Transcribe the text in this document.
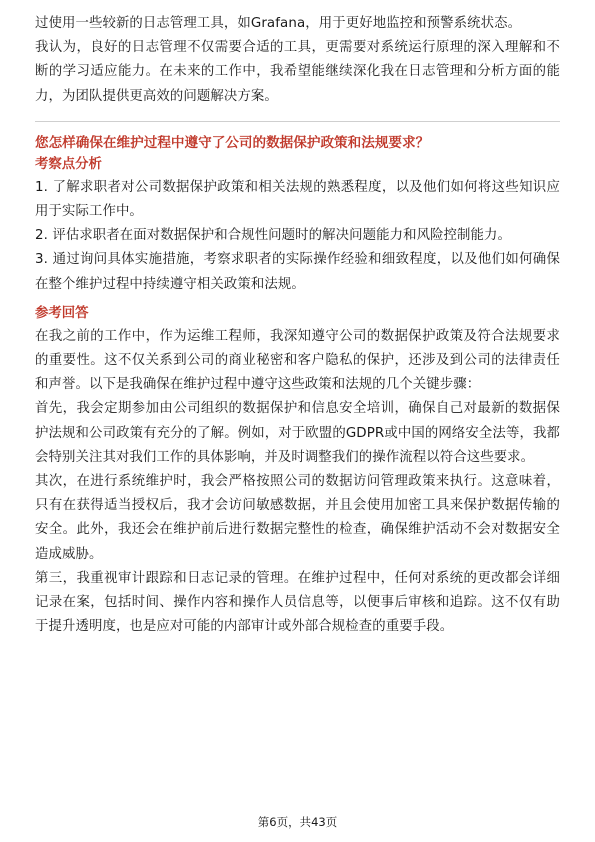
过使用一些较新的日志管理工具，如Grafana，用于更好地监控和预警系统状态。

我认为，良好的日志管理不仅需要合适的工具，更需要对系统运行原理的深入理解和不断的学习适应能力。在未来的工作中，我希望能继续深化我在日志管理和分析方面的能力，为团队提供更高效的问题解决方案。

您怎样确保在维护过程中遵守了公司的数据保护政策和法规要求？
考察点分析

1. 了解求职者对公司数据保护政策和相关法规的熟悉程度，以及他们如何将这些知识应用于实际工作中。

2. 评估求职者在面对数据保护和合规性问题时的解决问题能力和风险控制能力。

3. 通过询问具体实施措施，考察求职者的实际操作经验和细致程度，以及他们如何确保在整个维护过程中持续遵守相关政策和法规。

参考回答

在我之前的工作中，作为运维工程师，我深知遵守公司的数据保护政策及符合法规要求的重要性。这不仅关系到公司的商业秘密和客户隐私的保护，还涉及到公司的法律责任和声誉。以下是我确保在维护过程中遵守这些政策和法规的几个关键步骤：

首先，我会定期参加由公司组织的数据保护和信息安全培训，确保自己对最新的数据保护法规和公司政策有充分的了解。例如，对于欧盟的GDPR或中国的网络安全法等，我都会特别关注其对我们工作的具体影响，并及时调整我们的操作流程以符合这些要求。

其次，在进行系统维护时，我会严格按照公司的数据访问管理政策来执行。这意味着，只有在获得适当授权后，我才会访问敏感数据，并且会使用加密工具来保护数据传输的安全。此外，我还会在维护前后进行数据完整性的检查，确保维护活动不会对数据安全造成威胁。

第三，我重视审计跟踪和日志记录的管理。在维护过程中，任何对系统的更改都会详细记录在案，包括时间、操作内容和操作人员信息等，以便事后审核和追踪。这不仅有助于提升透明度，也是应对可能的内部审计或外部合规检查的重要手段。

第6页，共43页
